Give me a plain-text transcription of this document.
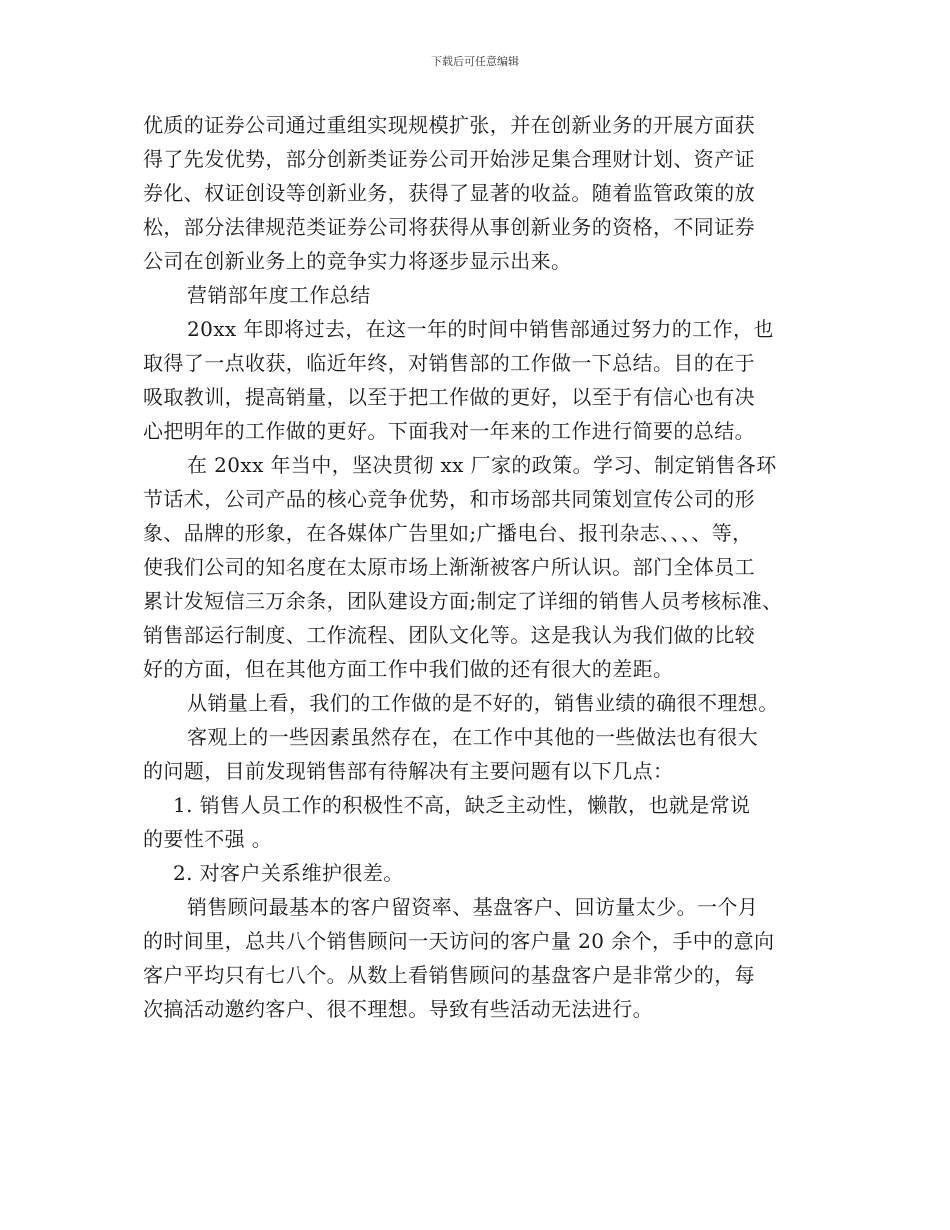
下载后可任意编辑
优质的证券公司通过重组实现规模扩张，并在创新业务的开展方面获
得了先发优势，部分创新类证券公司开始涉足集合理财计划、资产证
券化、权证创设等创新业务，获得了显著的收益。随着监管政策的放
松，部分法律规范类证券公司将获得从事创新业务的资格，不同证券
公司在创新业务上的竞争实力将逐步显示出来。
营销部年度工作总结
20xx 年即将过去，在这一年的时间中销售部通过努力的工作，也
取得了一点收获，临近年终，对销售部的工作做一下总结。目的在于
吸取教训，提高销量，以至于把工作做的更好，以至于有信心也有决
心把明年的工作做的更好。下面我对一年来的工作进行简要的总结。
在 20xx 年当中，坚决贯彻 xx 厂家的政策。学习、制定销售各环
节话术，公司产品的核心竞争优势，和市场部共同策划宣传公司的形
象、品牌的形象，在各媒体广告里如;广播电台、报刊杂志、、、、等，
使我们公司的知名度在太原市场上渐渐被客户所认识。部门全体员工
累计发短信三万余条，团队建设方面;制定了详细的销售人员考核标准、
销售部运行制度、工作流程、团队文化等。这是我认为我们做的比较
好的方面，但在其他方面工作中我们做的还有很大的差距。
从销量上看，我们的工作做的是不好的，销售业绩的确很不理想。
客观上的一些因素虽然存在，在工作中其他的一些做法也有很大
的问题，目前发现销售部有待解决有主要问题有以下几点：
1. 销售人员工作的积极性不高，缺乏主动性，懒散，也就是常说
的要性不强 。
2. 对客户关系维护很差。
销售顾问最基本的客户留资率、基盘客户、回访量太少。一个月
的时间里，总共八个销售顾问一天访问的客户量 20 余个，手中的意向
客户平均只有七八个。从数上看销售顾问的基盘客户是非常少的，每
次搞活动邀约客户、很不理想。导致有些活动无法进行。
